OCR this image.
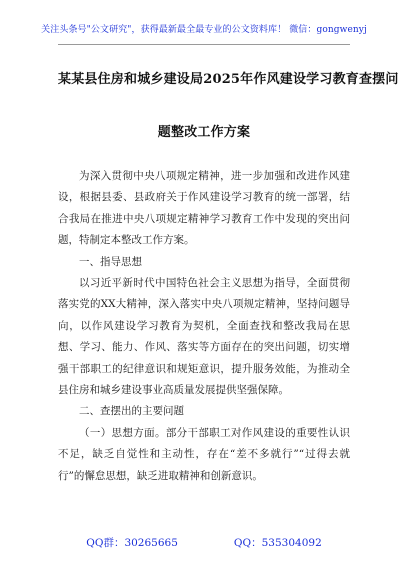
关注头条号"公文研究"，获得最新最全最专业的公文资料库！ 微信：gongwenyj
某某县住房和城乡建设局2025年作风建设学习教育查摆问
题整改工作方案

为深入贯彻中央八项规定精神，进一步加强和改进作风建设，根据县委、县政府关于作风建设学习教育的统一部署，结合我局在推进中央八项规定精神学习教育工作中发现的突出问题，特制定本整改工作方案。

一、指导思想

以习近平新时代中国特色社会主义思想为指导，全面贯彻落实党的XX大精神，深入落实中央八项规定精神，坚持问题导向，以作风建设学习教育为契机，全面查找和整改我局在思想、学习、能力、作风、落实等方面存在的突出问题，切实增强干部职工的纪律意识和规矩意识，提升服务效能，为推动全县住房和城乡建设事业高质量发展提供坚强保障。

二、查摆出的主要问题

（一）思想方面。部分干部职工对作风建设的重要性认识不足，缺乏自觉性和主动性，存在“差不多就行”“过得去就行”的懈怠思想，缺乏进取精神和创新意识。

QQ群：30265665	QQ：535304092
